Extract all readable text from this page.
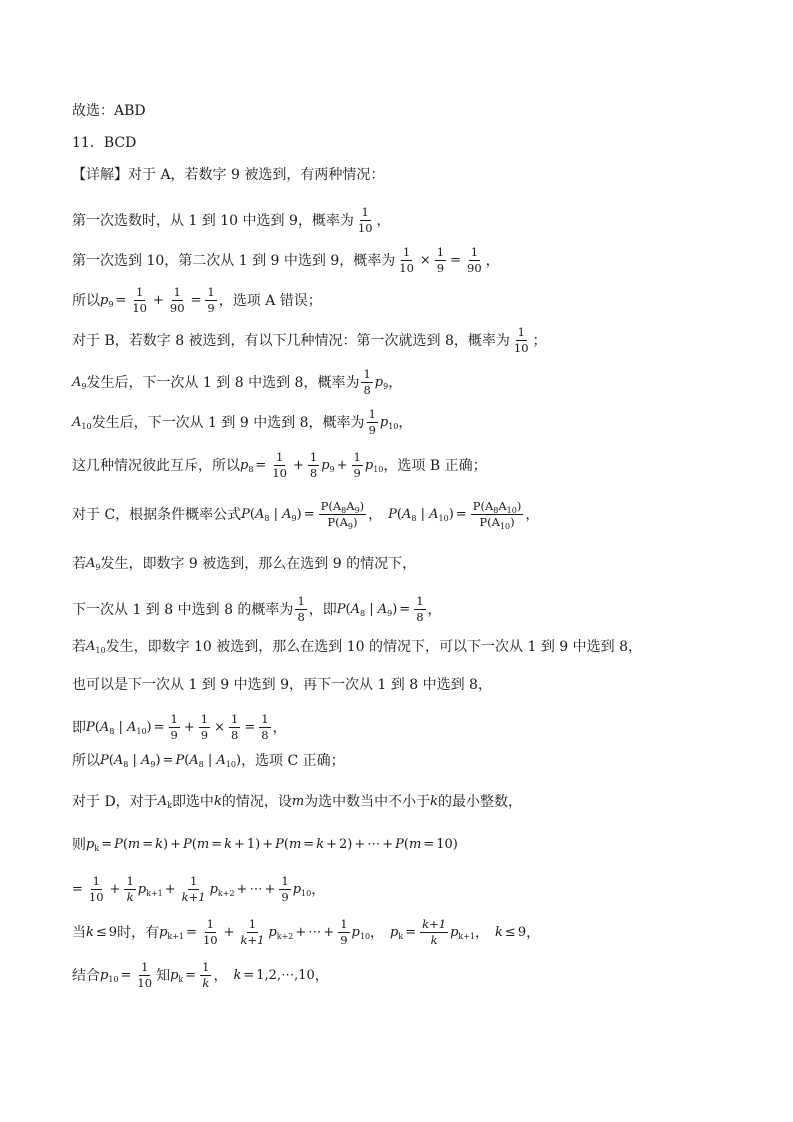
故选：ABD
11．BCD
【详解】对于 A，若数字 9 被选到，有两种情况：
第一次选数时，从 1 到 10 中选到 9，概率为 $\frac{1}{10}$ ，
第一次选到 10，第二次从 1 到 9 中选到 9，概率为 $\frac{1}{10} \times \frac{1}{9} = \frac{1}{90}$ ，
所以 $p_9 = \frac{1}{10} + \frac{1}{90} = \frac{1}{9}$ ，选项 A 错误；
对于 B，若数字 8 被选到，有以下几种情况：第一次就选到 8，概率为 $\frac{1}{10}$ ；
$A_9$ 发生后，下一次从 1 到 8 中选到 8，概率为 $\frac{1}{8} p_9$ ，
$A_{10}$ 发生后，下一次从 1 到 9 中选到 8，概率为 $\frac{1}{9} p_{10}$ ，
这几种情况彼此互斥，所以 $p_8 = \frac{1}{10} + \frac{1}{8} p_9 + \frac{1}{9} p_{10}$ ，选项 B 正确；
对于 C，根据条件概率公式 $P(A_8$ | $A_9) = \frac{P(A_8A_9)}{P(A_9)}$ ， $P(A_8$ | $A_{10}) = \frac{P(A_8A_{10})}{P(A_{10})}$ ，
若 $A_9$ 发生，即数字 9 被选到，那么在选到 9 的情况下，
下一次从 1 到 8 中选到 8 的概率为 $\frac{1}{8}$ ，即 $P(A_8$ | $A_9) = \frac{1}{8}$ ，
若 $A_{10}$ 发生，即数字 10 被选到，那么在选到 10 的情况下，可以下一次从 1 到 9 中选到 8，
也可以是下一次从 1 到 9 中选到 9，再下一次从 1 到 8 中选到 8，
即 $P(A_8$ | $A_{10}) = \frac{1}{9} + \frac{1}{9} \times \frac{1}{8} = \frac{1}{8}$ ，
所以 $P(A_8$ | $A_9) = P(A_8$ | $A_{10}$) ，选项 C 正确；
对于 D，对于 $A_k$ 即选中 k 的情况，设 m 为选中数当中不小于 k 的最小整数，
则 $p_k = P(m = k) + P(m = k + 1) + P(m = k + 2)$ + ⋯ + P(m = 10)
= $\frac{1}{10} + \frac{1}{k} p_{k+1} + \frac{1}{k+1} p_{k+2}$ + ⋯ + $\frac{1}{9} p_{10}$ ，
当 k ≤ 9 时，有 $p_{k+1} = \frac{1}{10} + \frac{1}{k+1} p_{k+2}$ + ⋯ + $\frac{1}{9} p_{10}$ ， $p_k = \frac{k+1}{k} p_{k+1}$ ， k ≤ 9 ，
结合 $p_{10} = \frac{1}{10}$ 知 $p_k = \frac{1}{k}$ ， k = 1,2,⋯,10 ，
